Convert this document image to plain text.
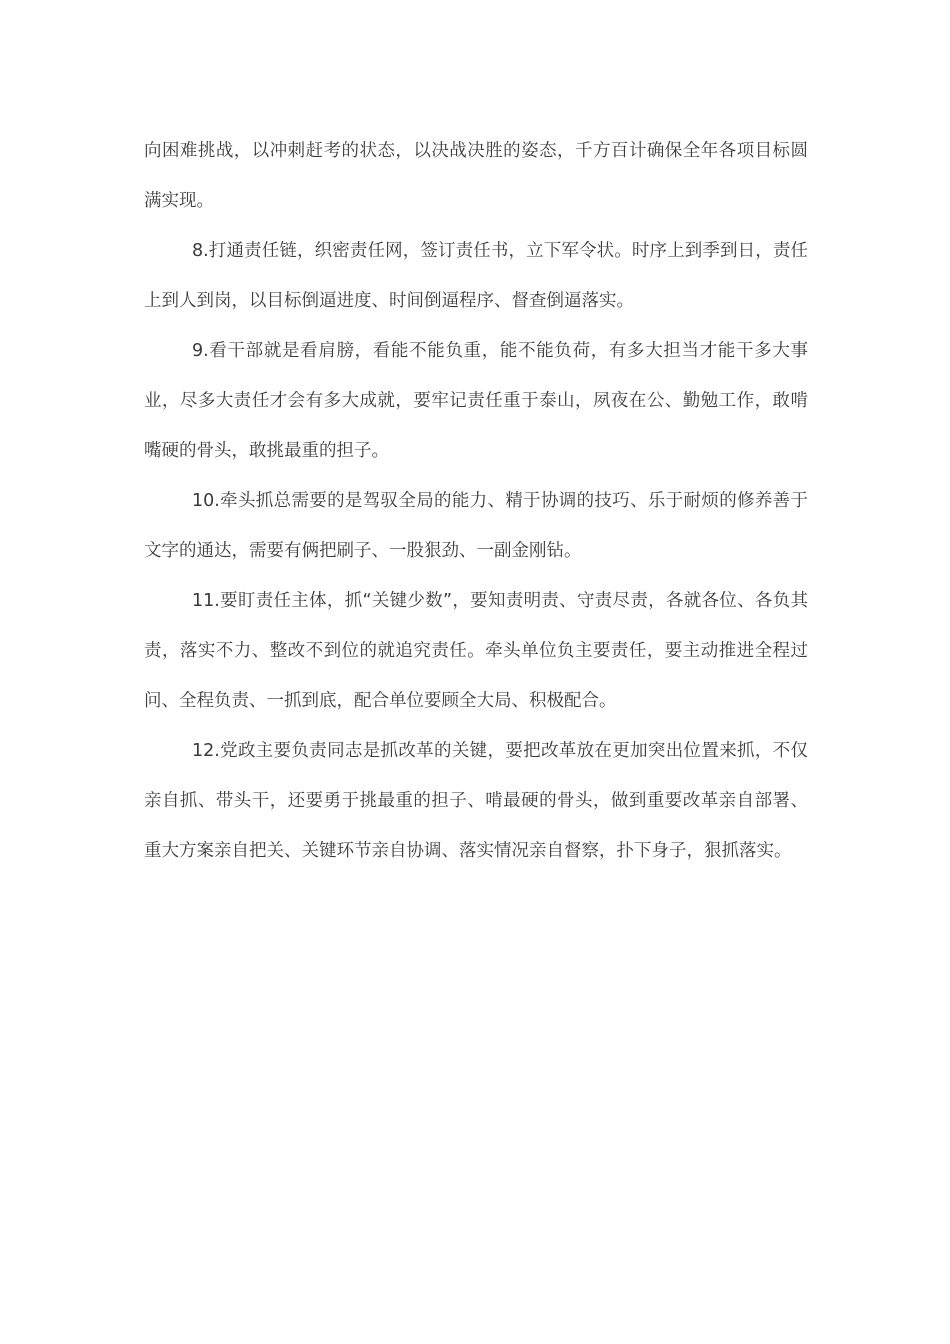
向困难挑战，以冲刺赶考的状态，以决战决胜的姿态，千方百计确保全年各项目标圆满实现。

8.打通责任链，织密责任网，签订责任书，立下军令状。时序上到季到日，责任上到人到岗，以目标倒逼进度、时间倒逼程序、督查倒逼落实。

9.看干部就是看肩膀，看能不能负重，能不能负荷，有多大担当才能干多大事业，尽多大责任才会有多大成就，要牢记责任重于泰山，夙夜在公、勤勉工作，敢啃嘴硬的骨头，敢挑最重的担子。

10.牵头抓总需要的是驾驭全局的能力、精于协调的技巧、乐于耐烦的修养善于文字的通达，需要有俩把刷子、一股狠劲、一副金刚钻。

11.要盯责任主体，抓“关键少数”，要知责明责、守责尽责，各就各位、各负其责，落实不力、整改不到位的就追究责任。牵头单位负主要责任，要主动推进全程过问、全程负责、一抓到底，配合单位要顾全大局、积极配合。

12.党政主要负责同志是抓改革的关键，要把改革放在更加突出位置来抓，不仅亲自抓、带头干，还要勇于挑最重的担子、啃最硬的骨头，做到重要改革亲自部署、重大方案亲自把关、关键环节亲自协调、落实情况亲自督察，扑下身子，狠抓落实。
